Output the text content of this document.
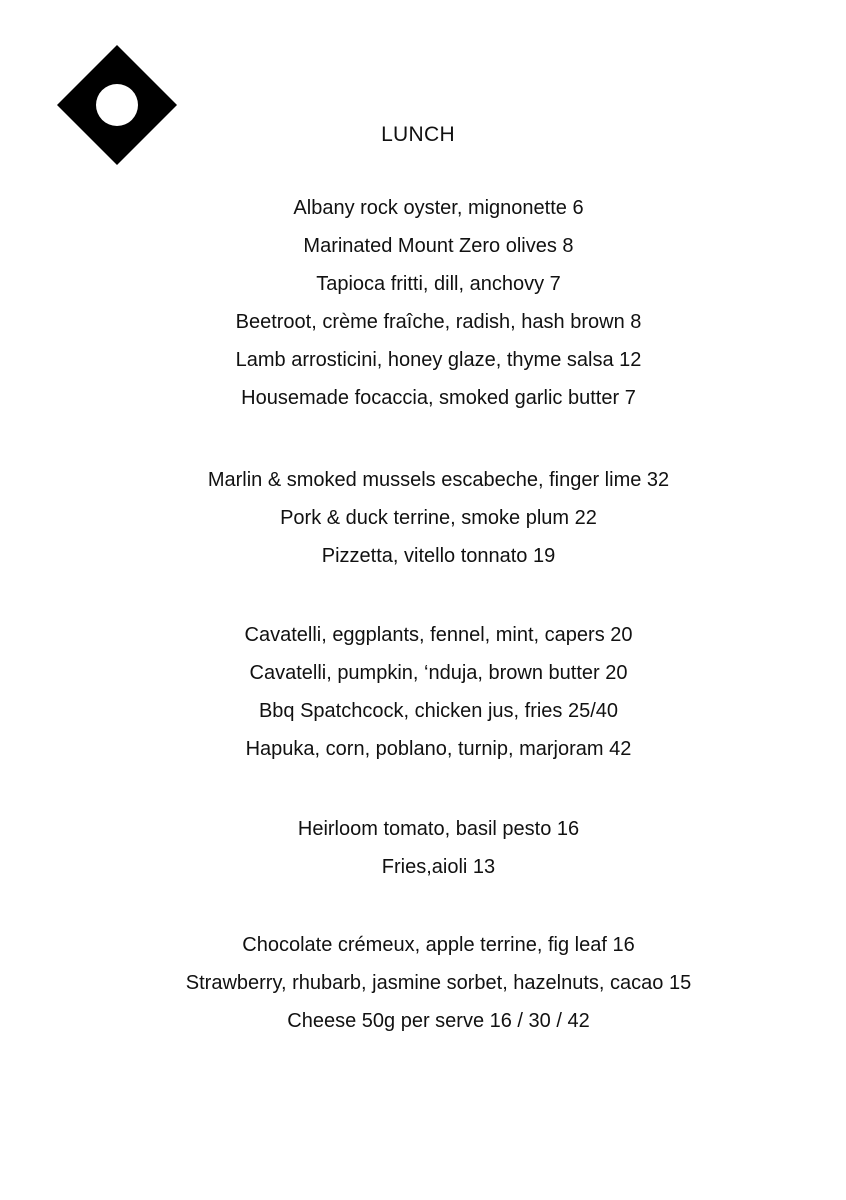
LUNCH
Albany rock oyster, mignonette 6
Marinated Mount Zero olives 8
Tapioca fritti, dill, anchovy 7
Beetroot, crème fraîche, radish, hash brown 8
Lamb arrosticini, honey glaze, thyme salsa 12
Housemade focaccia, smoked garlic butter 7
Marlin & smoked mussels escabeche, finger lime 32
Pork & duck terrine, smoke plum 22
Pizzetta, vitello tonnato 19
Cavatelli, eggplants, fennel, mint, capers 20
Cavatelli, pumpkin, ‘nduja, brown butter 20
Bbq Spatchcock, chicken jus, fries 25/40
Hapuka, corn, poblano, turnip, marjoram 42
Heirloom tomato, basil pesto 16
Fries,aioli 13
Chocolate crémeux, apple terrine, fig leaf 16
Strawberry, rhubarb, jasmine sorbet, hazelnuts, cacao 15
Cheese 50g per serve 16 / 30 / 42
